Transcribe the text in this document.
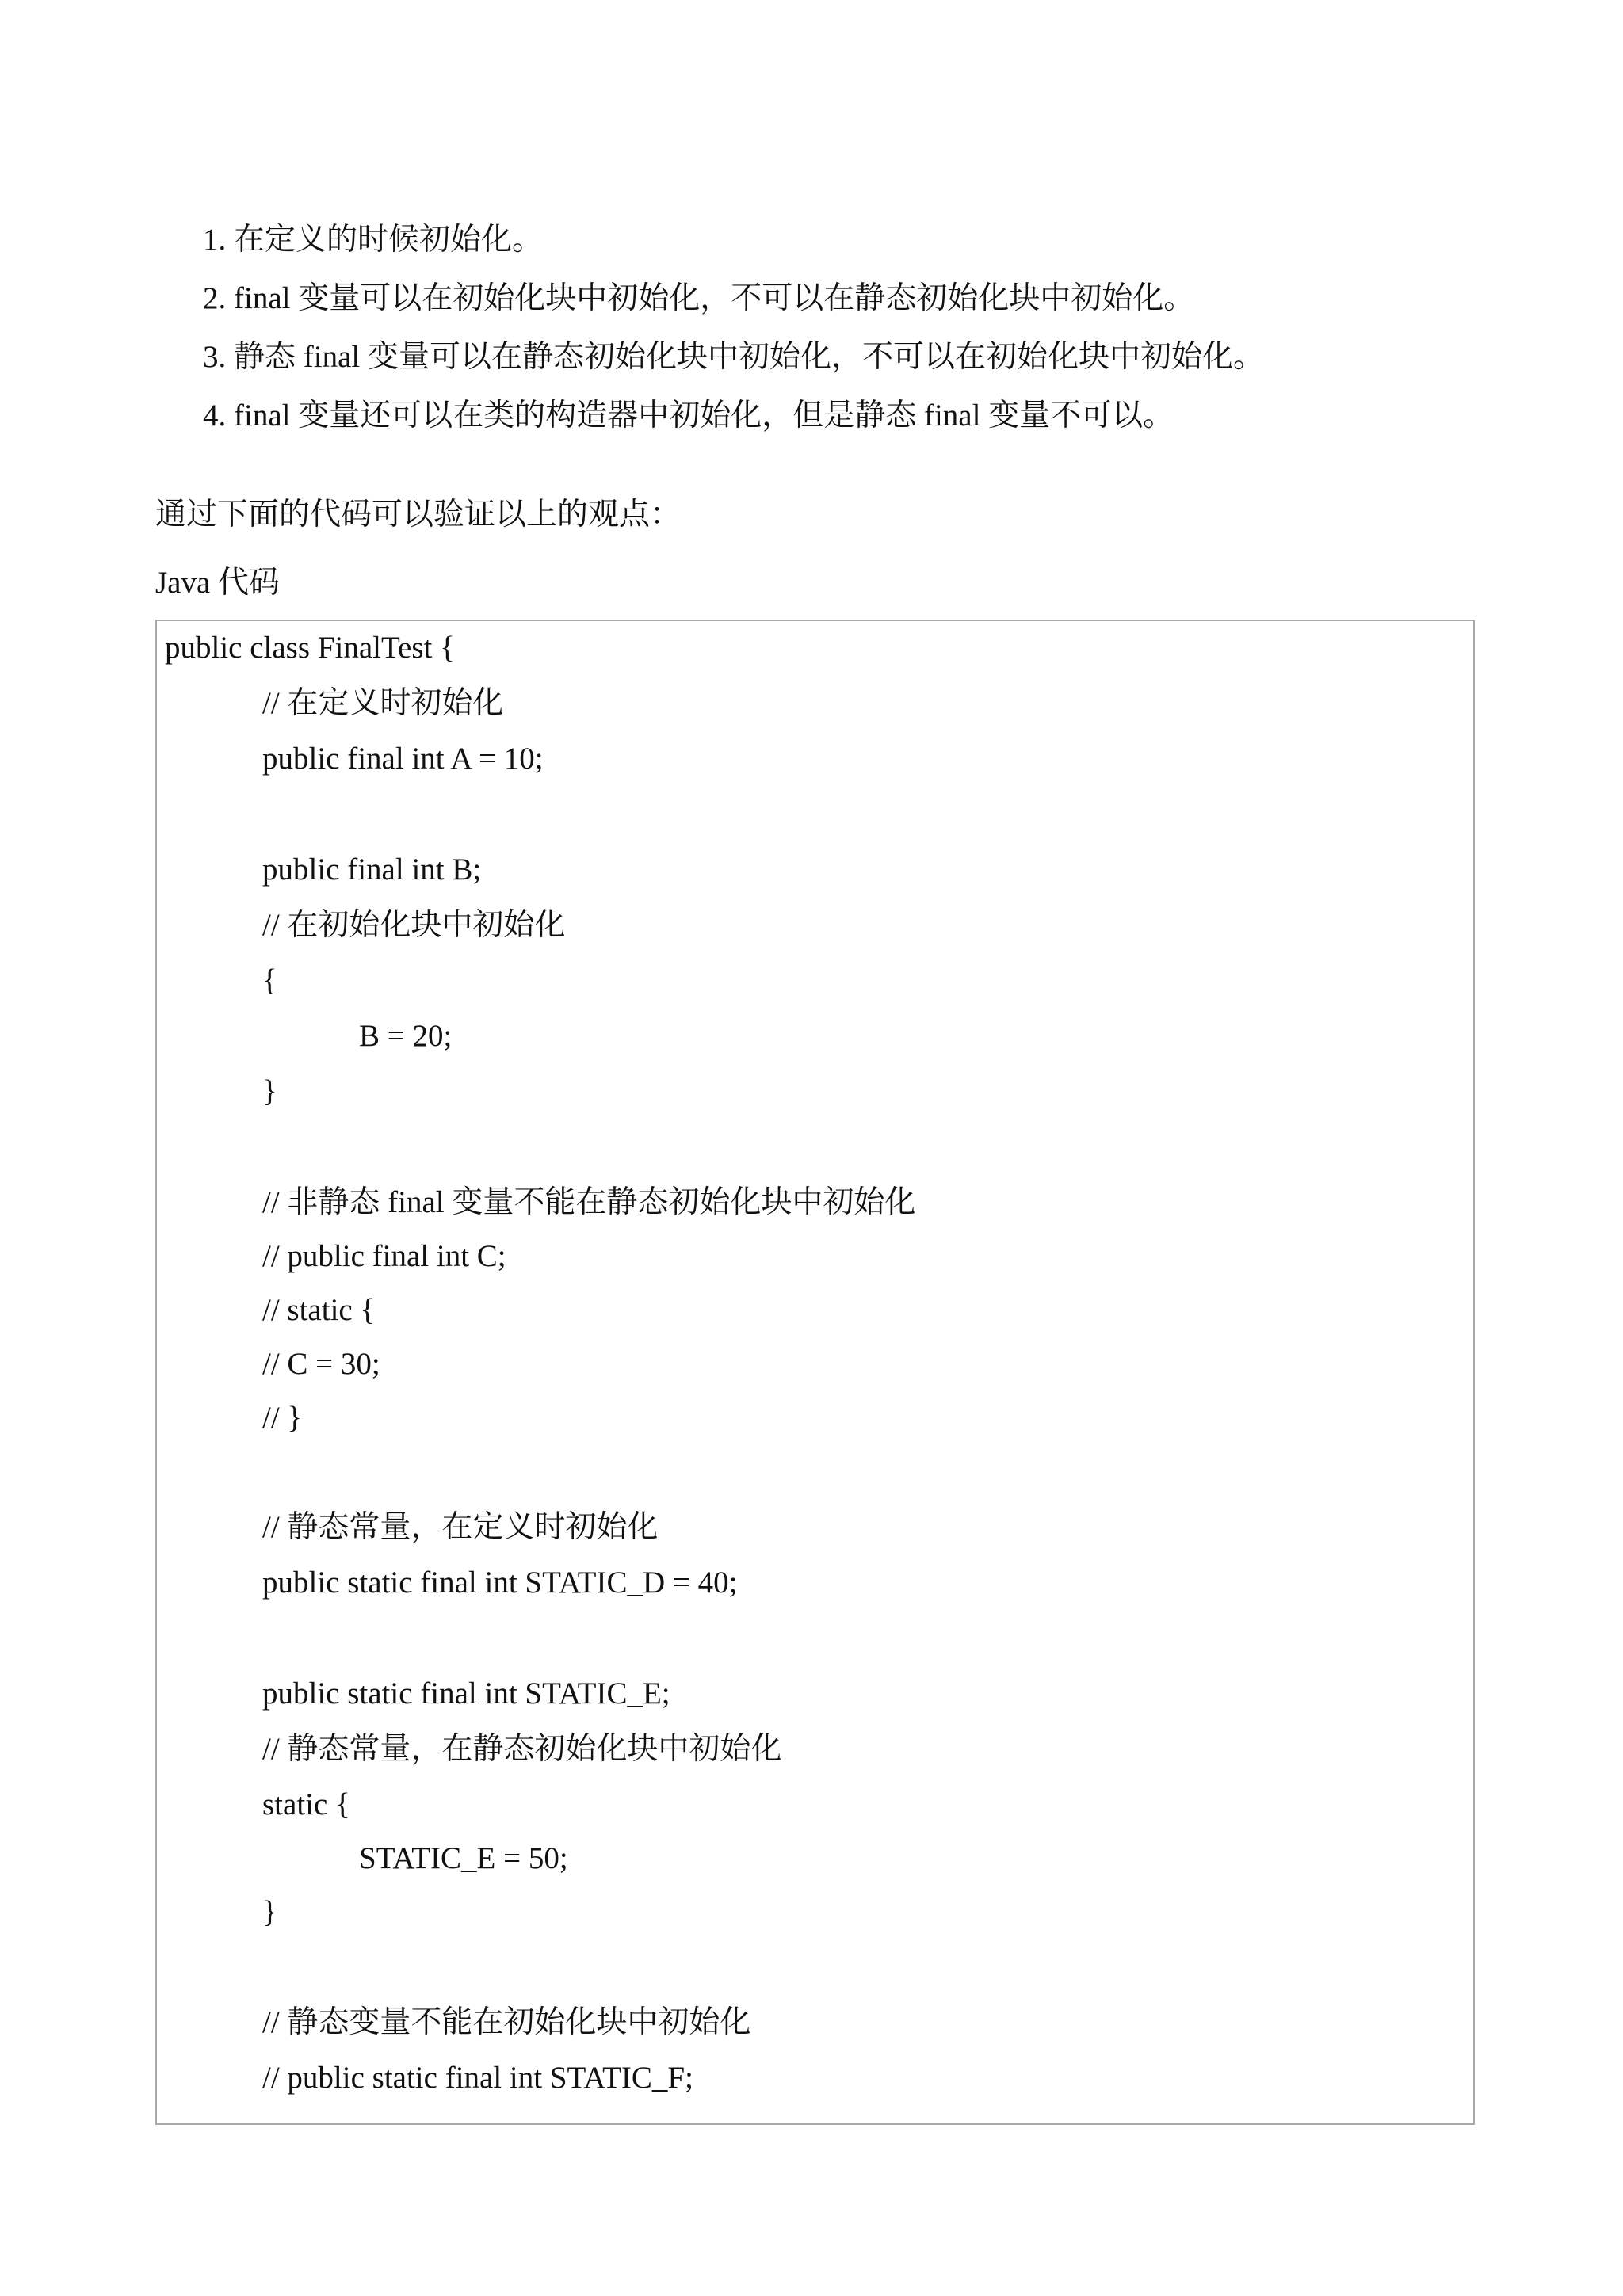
1. 在定义的时候初始化。
2. final 变量可以在初始化块中初始化，不可以在静态初始化块中初始化。
3. 静态 final 变量可以在静态初始化块中初始化，不可以在初始化块中初始化。
4. final 变量还可以在类的构造器中初始化，但是静态 final 变量不可以。
通过下面的代码可以验证以上的观点：
Java 代码
public class FinalTest {
// 在定义时初始化
public final int A = 10;
public final int B;
// 在初始化块中初始化
{
B = 20;
}
// 非静态 final 变量不能在静态初始化块中初始化
// public final int C;
// static {
// C = 30;
// }
// 静态常量，在定义时初始化
public static final int STATIC_D = 40;
public static final int STATIC_E;
// 静态常量，在静态初始化块中初始化
static {
STATIC_E = 50;
}
// 静态变量不能在初始化块中初始化
// public static final int STATIC_F;
